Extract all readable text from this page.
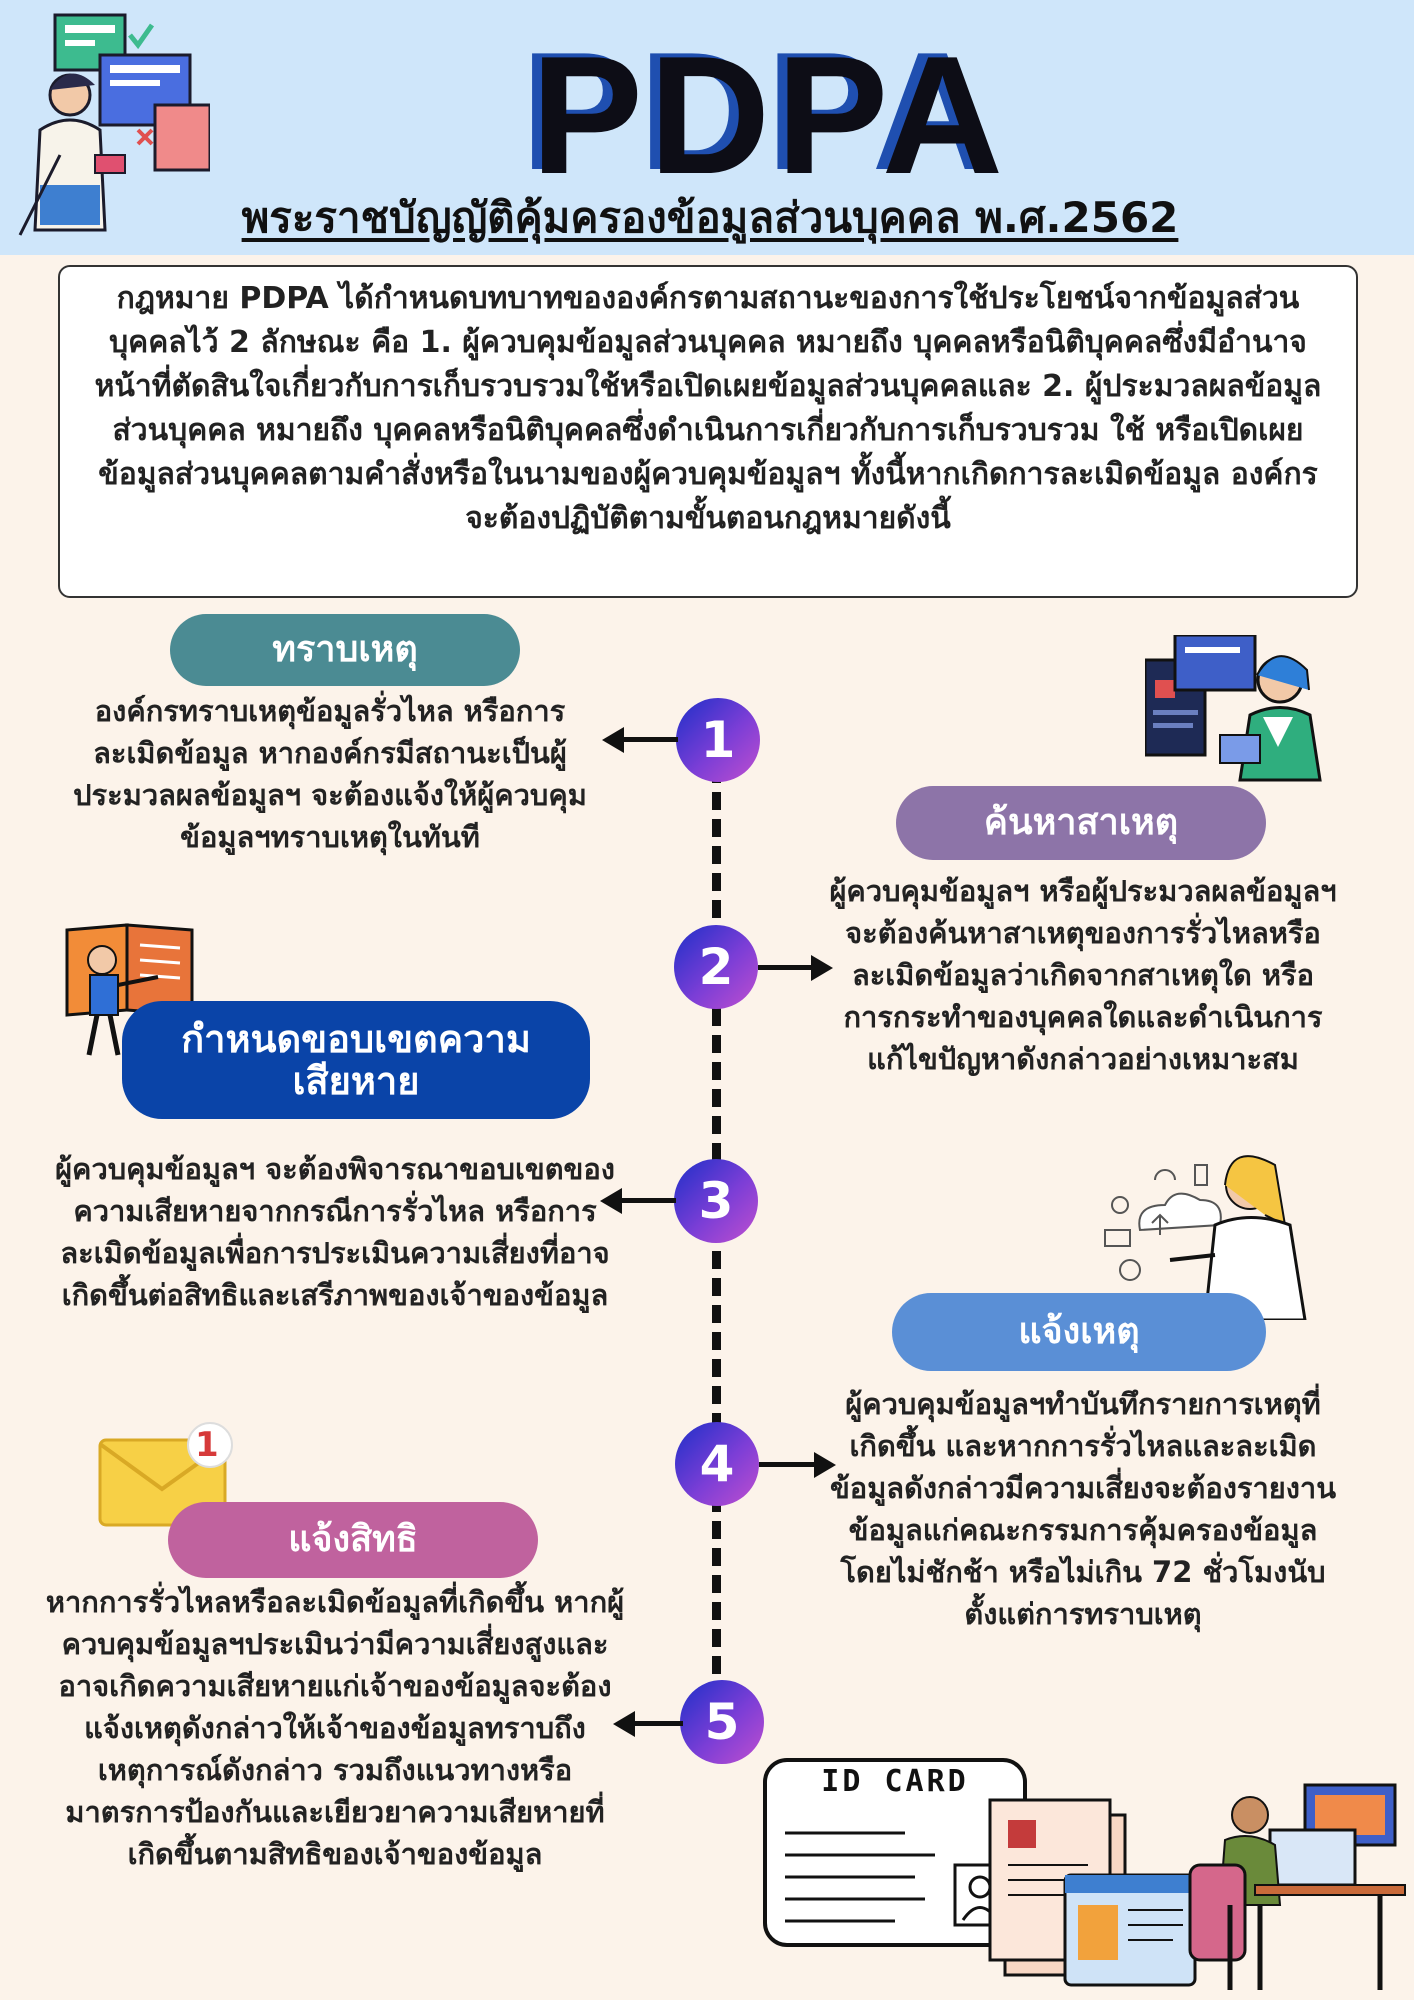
PDPA
พระราชบัญญัติคุ้มครองข้อมูลส่วนบุคคล พ.ศ.2562
กฎหมาย PDPA ได้กำหนดบทบาทขององค์กรตามสถานะของการใช้ประโยชน์จากข้อมูลส่วนบุคคลไว้ 2 ลักษณะ คือ 1. ผู้ควบคุมข้อมูลส่วนบุคคล หมายถึง บุคคลหรือนิติบุคคลซึ่งมีอำนาจหน้าที่ตัดสินใจเกี่ยวกับการเก็บรวบรวมใช้หรือเปิดเผยข้อมูลส่วนบุคคลและ 2. ผู้ประมวลผลข้อมูลส่วนบุคคล หมายถึง บุคคลหรือนิติบุคคลซึ่งดำเนินการเกี่ยวกับการเก็บรวบรวม ใช้ หรือเปิดเผยข้อมูลส่วนบุคคลตามคำสั่งหรือในนามของผู้ควบคุมข้อมูลฯ ทั้งนี้หากเกิดการละเมิดข้อมูล องค์กรจะต้องปฏิบัติตามขั้นตอนกฎหมายดังนี้
ทราบเหตุ
องค์กรทราบเหตุข้อมูลรั่วไหล หรือการละเมิดข้อมูล หากองค์กรมีสถานะเป็นผู้ประมวลผลข้อมูลฯ จะต้องแจ้งให้ผู้ควบคุมข้อมูลฯทราบเหตุในทันที
1
ค้นหาสาเหตุ
ผู้ควบคุมข้อมูลฯ หรือผู้ประมวลผลข้อมูลฯ จะต้องค้นหาสาเหตุของการรั่วไหลหรือละเมิดข้อมูลว่าเกิดจากสาเหตุใด หรือการกระทำของบุคคลใดและดำเนินการแก้ไขปัญหาดังกล่าวอย่างเหมาะสม
2
กำหนดขอบเขตความเสียหาย
ผู้ควบคุมข้อมูลฯ จะต้องพิจารณาขอบเขตของความเสียหายจากกรณีการรั่วไหล หรือการละเมิดข้อมูลเพื่อการประเมินความเสี่ยงที่อาจเกิดขึ้นต่อสิทธิและเสรีภาพของเจ้าของข้อมูล
3
แจ้งเหตุ
ผู้ควบคุมข้อมูลฯทำบันทึกรายการเหตุที่เกิดขึ้น และหากการรั่วไหลและละเมิดข้อมูลดังกล่าวมีความเสี่ยงจะต้องรายงานข้อมูลแก่คณะกรรมการคุ้มครองข้อมูลโดยไม่ชักช้า หรือไม่เกิน 72 ชั่วโมงนับตั้งแต่การทราบเหตุ
4
1
แจ้งสิทธิ
หากการรั่วไหลหรือละเมิดข้อมูลที่เกิดขึ้น หากผู้ควบคุมข้อมูลฯประเมินว่ามีความเสี่ยงสูงและอาจเกิดความเสียหายแก่เจ้าของข้อมูลจะต้องแจ้งเหตุดังกล่าวให้เจ้าของข้อมูลทราบถึงเหตุการณ์ดังกล่าว รวมถึงแนวทางหรือมาตรการป้องกันและเยียวยาความเสียหายที่เกิดขึ้นตามสิทธิของเจ้าของข้อมูล
5
ID CARD
